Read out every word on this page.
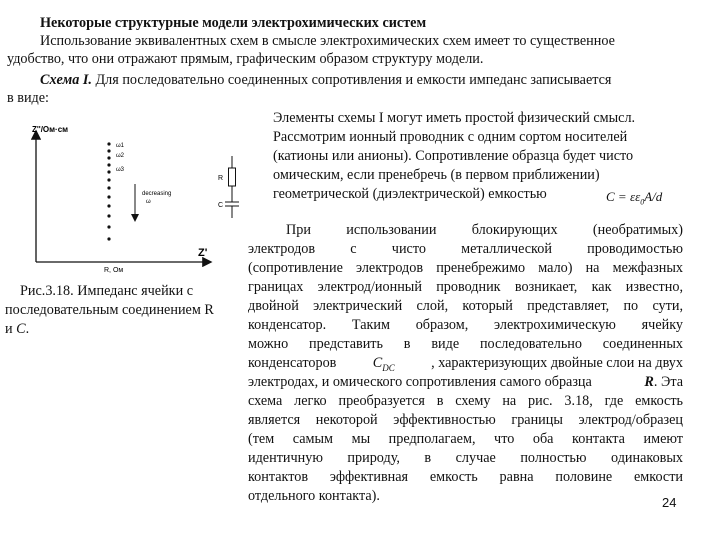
Некоторые структурные модели электрохимических систем
Использование эквивалентных схем в смысле электрохимических схем имеет то существенное
удобство, что они отражают прямым, графическим образом структуру модели.
Схема I. Для последовательно соединенных сопротивления и емкости импеданс записывается
в виде:
Z''/Ом·см
Z'
R, Ом
ω1
ω2
ω3
decreasing
ω
R
C
Элементы схемы I могут иметь простой физический смысл.
Рассмотрим ионный проводник с одним сортом носителей
(катионы или анионы). Сопротивление образца будет чисто
омическим, если пренебречь (в первом приближении)
геометрической (диэлектрической) емкостью	$C = \varepsilon\varepsilon_0A/d$
При использовании блокирующих (необратимых)
электродов с чисто металлической проводимостью
(сопротивление электродов пренебрежимо мало) на межфазных
границах электрод/ионный проводник возникает, как известно,
двойной электрический слой, который представляет, по сути,
конденсатор. Таким образом, электрохимическую ячейку
можно представить в виде последовательно соединенных
конденсаторов	$C_{DC}$	, характеризующих двойные слои на двух
электродах, и омического сопротивления самого образца	R. Эта
схема легко преобразуется в схему на рис. 3.18, где емкость
является некоторой эффективностью границы электрод/образец
(тем самым мы предполагаем, что оба контакта имеют
идентичную природу, в случае полностью одинаковых
контактов эффективная емкость равна половине емкости
отдельного контакта).
Рис.3.18. Импеданс ячейки с
последовательным соединением R
и C.
24
